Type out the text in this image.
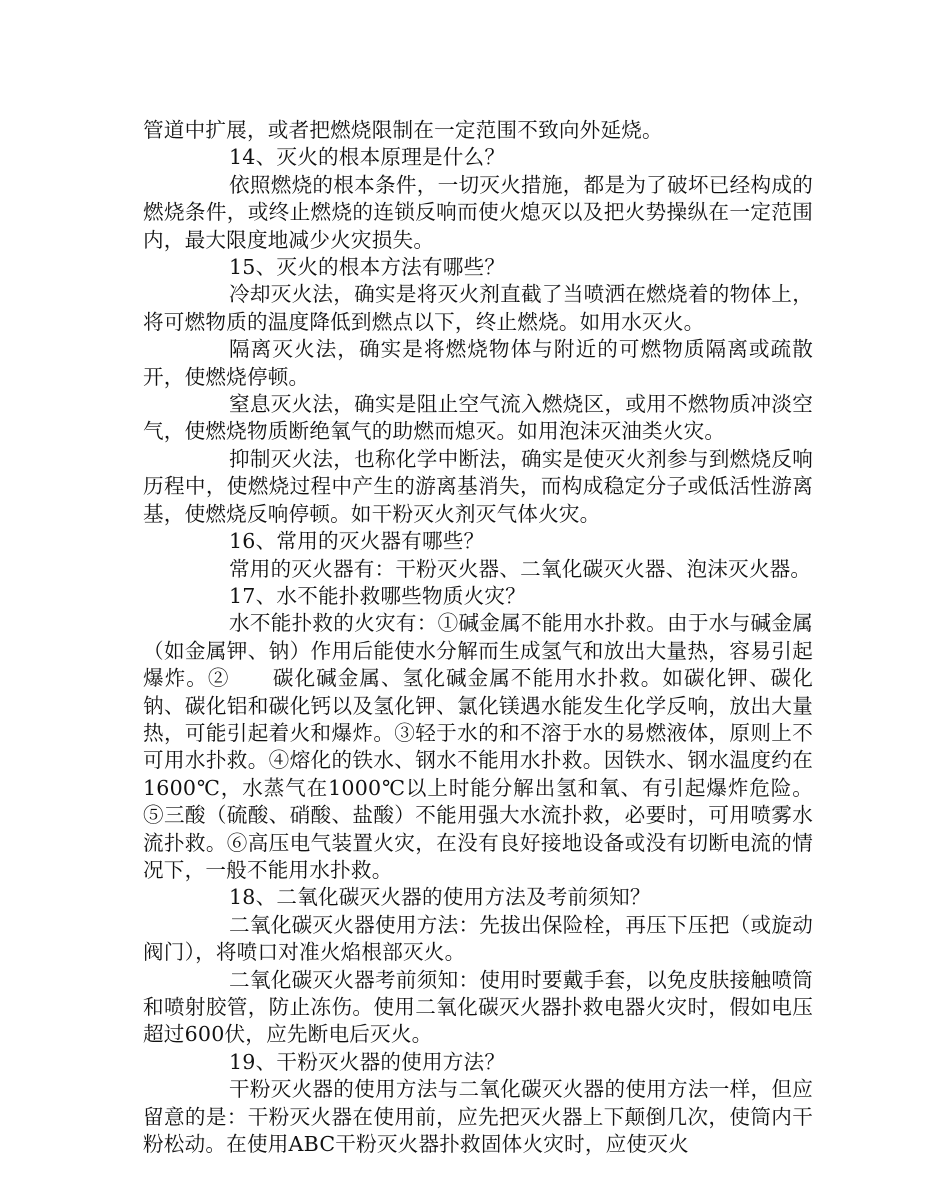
管道中扩展，或者把燃烧限制在一定范围不致向外延烧。

14、灭火的根本原理是什么？

依照燃烧的根本条件，一切灭火措施，都是为了破坏已经构成的燃烧条件，或终止燃烧的连锁反响而使火熄灭以及把火势操纵在一定范围内，最大限度地减少火灾损失。

15、灭火的根本方法有哪些？

冷却灭火法，确实是将灭火剂直截了当喷洒在燃烧着的物体上，将可燃物质的温度降低到燃点以下，终止燃烧。如用水灭火。

隔离灭火法，确实是将燃烧物体与附近的可燃物质隔离或疏散开，使燃烧停顿。

窒息灭火法，确实是阻止空气流入燃烧区，或用不燃物质冲淡空气，使燃烧物质断绝氧气的助燃而熄灭。如用泡沫灭油类火灾。

抑制灭火法，也称化学中断法，确实是使灭火剂参与到燃烧反响历程中，使燃烧过程中产生的游离基消失，而构成稳定分子或低活性游离基，使燃烧反响停顿。如干粉灭火剂灭气体火灾。

16、常用的灭火器有哪些？

常用的灭火器有：干粉灭火器、二氧化碳灭火器、泡沫灭火器。

17、水不能扑救哪些物质火灾？

水不能扑救的火灾有：①碱金属不能用水扑救。由于水与碱金属（如金属钾、钠）作用后能使水分解而生成氢气和放出大量热，容易引起爆炸。②　　碳化碱金属、氢化碱金属不能用水扑救。如碳化钾、碳化钠、碳化铝和碳化钙以及氢化钾、氯化镁遇水能发生化学反响，放出大量热，可能引起着火和爆炸。③轻于水的和不溶于水的易燃液体，原则上不可用水扑救。④熔化的铁水、钢水不能用水扑救。因铁水、钢水温度约在1600℃，水蒸气在1000℃以上时能分解出氢和氧、有引起爆炸危险。⑤三酸（硫酸、硝酸、盐酸）不能用强大水流扑救，必要时，可用喷雾水流扑救。⑥高压电气装置火灾，在没有良好接地设备或没有切断电流的情况下，一般不能用水扑救。

18、二氧化碳灭火器的使用方法及考前须知？

二氧化碳灭火器使用方法：先拔出保险栓，再压下压把（或旋动阀门），将喷口对准火焰根部灭火。

二氧化碳灭火器考前须知：使用时要戴手套，以免皮肤接触喷筒和喷射胶管，防止冻伤。使用二氧化碳灭火器扑救电器火灾时，假如电压超过600伏，应先断电后灭火。

19、干粉灭火器的使用方法？

干粉灭火器的使用方法与二氧化碳灭火器的使用方法一样，但应留意的是：干粉灭火器在使用前，应先把灭火器上下颠倒几次，使筒内干粉松动。在使用ABC干粉灭火器扑救固体火灾时，应使灭火
